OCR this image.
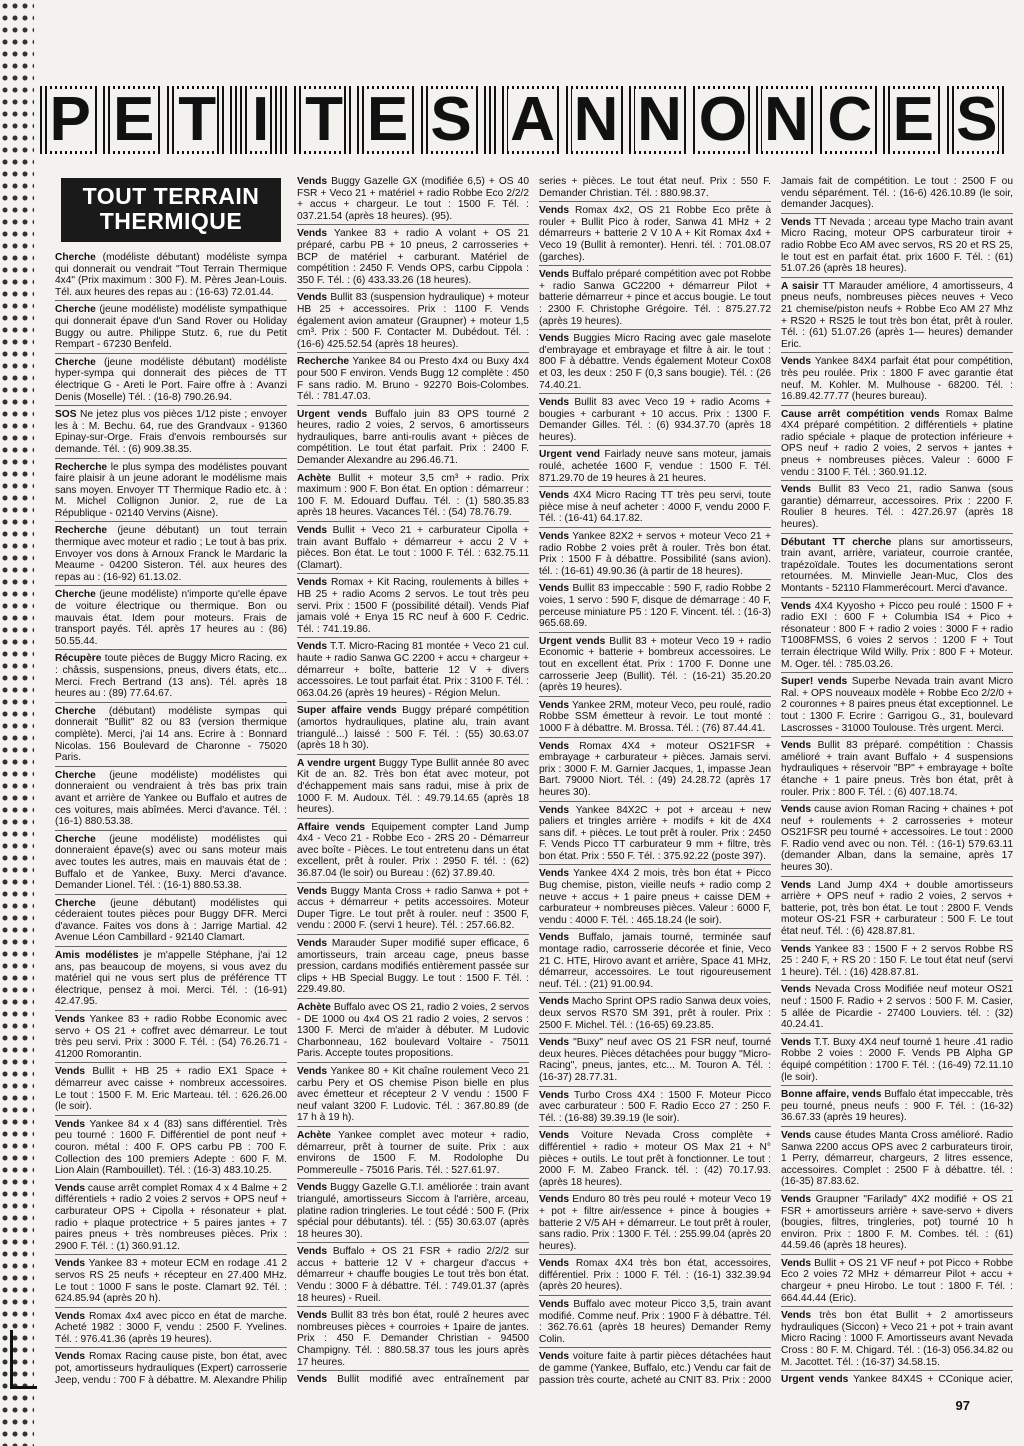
P E T I T E S A N N O N C E S
TOUT TERRAIN THERMIQUE
Cherche (modéliste débutant) modéliste sympa qui donnerait ou vendrait "Tout Terrain Thermique 4x4" (Prix maximum : 300 F). M. Pères Jean-Louis. Tél. aux heures des repas au : (16-63) 72.01.44.
Cherche (jeune modéliste) modéliste sympathique qui donnerait épave d'un Sand Rover ou Holiday Buggy ou autre. Philippe Stutz. 6, rue du Petit Rempart - 67230 Benfeld.
Cherche (jeune modéliste débutant) modéliste hyper-sympa qui donnerait des pièces de TT électrique G - Areti le Port. Faire offre à : Avanzi Denis (Moselle) Tél. : (16-8) 790.26.94.
SOS Ne jetez plus vos pièces 1/12 piste ; envoyer les à : M. Bechu. 64, rue des Grandvaux - 91360 Epinay-sur-Orge. Frais d'envois remboursés sur demande. Tél. : (6) 909.38.35.
Recherche le plus sympa des modélistes pouvant faire plaisir à un jeune adorant le modélisme mais sans moyen. Envoyer TT Thermique Radio etc. à : M. Michel Collignon Junior. 2, rue de La République - 02140 Vervins (Aisne).
Recherche (jeune débutant) un tout terrain thermique avec moteur et radio ; Le tout à bas prix. Envoyer vos dons à Arnoux Franck le Mardaric la Meaume - 04200 Sisteron. Tél. aux heures des repas au : (16-92) 61.13.02.
Cherche (jeune modéliste) n'importe qu'elle épave de voiture électrique ou thermique. Bon ou mauvais état. Idem pour moteurs. Frais de transport payés. Tél. après 17 heures au : (86) 50.55.44.
Récupère toute pièces de Buggy Micro Racing. ex : châssis, suspensions, pneus, divers états, etc... Merci. Frech Bertrand (13 ans). Tél. après 18 heures au : (89) 77.64.67.
Cherche (débutant) modéliste sympas qui donnerait "Bullit" 82 ou 83 (version thermique complète). Merci, j'ai 14 ans. Ecrire à : Bonnard Nicolas. 156 Boulevard de Charonne - 75020 Paris.
Cherche (jeune modéliste) modélistes qui donneraient ou vendraient à très bas prix train avant et arrière de Yankee ou Buffalo et autres de ces voitures, mais abîmées. Merci d'avance. Tél. : (16-1) 880.53.38.
Cherche (jeune modéliste) modélistes qui donneraient épave(s) avec ou sans moteur mais avec toutes les autres, mais en mauvais état de : Buffalo et de Yankee, Buxy. Merci d'avance. Demander Lionel. Tél. : (16-1) 880.53.38.
Cherche (jeune débutant) modélistes qui céderaient toutes pièces pour Buggy DFR. Merci d'avance. Faites vos dons à : Jarrige Martial. 42 Avenue Léon Cambillard - 92140 Clamart.
Amis modélistes je m'appelle Stéphane, j'ai 12 ans, pas beaucoup de moyens, si vous avez du matériel qui ne vous sert plus de préférence TT électrique, pensez à moi. Merci. Tél. : (16-91) 42.47.95.
Vends Yankee 83 + radio Robbe Economic avec servo + OS 21 + coffret avec démarreur. Le tout très peu servi. Prix : 3000 F. Tél. : (54) 76.26.71 - 41200 Romorantin.
Vends Bullit + HB 25 + radio EX1 Space + démarreur avec caisse + nombreux accessoires. Le tout : 1500 F. M. Eric Marteau. tél. : 626.26.00 (le soir).
Vends Yankee 84 x 4 (83) sans différentiel. Très peu tourné : 1600 F. Différentiel de pont neuf + couron. métal : 400 F. OPS carbu PB : 700 F. Collection des 100 premiers Adepte : 600 F. M. Lion Alain (Rambouillet). Tél. : (16-3) 483.10.25.
Vends cause arrêt complet Romax 4 x 4 Balme + 2 différentiels + radio 2 voies 2 servos + OPS neuf + carburateur OPS + Cipolla + résonateur + plat. radio + plaque protectrice + 5 paires jantes + 7 paires pneus + très nombreuses pièces. Prix : 2900 F. Tél. : (1) 360.91.12.
Vends Yankee 83 + moteur ECM en rodage .41 2 servos RS 25 neufs + récepteur en 27.400 MHz. Le tout : 1000 F sans le poste. Clamart 92. Tél. : 624.85.94 (après 20 h).
Vends Romax 4x4 avec picco en état de marche. Acheté 1982 : 3000 F, vendu : 2500 F. Yvelines. Tél. : 976.41.36 (après 19 heures).
Vends Romax Racing cause piste, bon état, avec pot, amortisseurs hydrauliques (Expert) carrosserie Jeep, vendu : 700 F à débattre. M. Alexandre Philip
Vends Buggy Gazelle GX (modifiée 6,5) + OS 40 FSR + Veco 21 + matériel + radio Robbe Eco 2/2/2 + accus + chargeur. Le tout : 1500 F. Tél. : 037.21.54 (après 18 heures). (95).
Vends Yankee 83 + radio A volant + OS 21 préparé, carbu PB + 10 pneus, 2 carrosseries + BCP de matériel + carburant. Matériel de compétition : 2450 F. Vends OPS, carbu Cippola : 350 F. Tél. : (6) 433.33.26 (18 heures).
Vends Bullit 83 (suspension hydraulique) + moteur HB 25 + accessoires. Prix : 1100 F. Vends également avion amateur (Graupner) + moteur 1,5 cm³. Prix : 500 F. Contacter M. Dubédout. Tél. : (16-6) 425.52.54 (après 18 heures).
Recherche Yankee 84 ou Presto 4x4 ou Buxy 4x4 pour 500 F environ. Vends Bugg 12 complète : 450 F sans radio. M. Bruno - 92270 Bois-Colombes. Tél. : 781.47.03.
Urgent vends Buffalo juin 83 OPS tourné 2 heures, radio 2 voies, 2 servos, 6 amortisseurs hydrauliques, barre anti-roulis avant + pièces de compétition. Le tout état parfait. Prix : 2400 F. Demander Alexandre au 296.46.71.
Achète Bullit + moteur 3,5 cm³ + radio. Prix maximum : 900 F. Bon état. En option : démarreur : 100 F. M. Edouard Duffau. Tél. : (1) 580.35.83 après 18 heures. Vacances Tél. : (54) 78.76.79.
Vends Bullit + Veco 21 + carburateur Cipolla + train avant Buffalo + démarreur + accu 2 V + pièces. Bon état. Le tout : 1000 F. Tél. : 632.75.11 (Clamart).
Vends Romax + Kit Racing, roulements à billes + HB 25 + radio Acoms 2 servos. Le tout très peu servi. Prix : 1500 F (possibilité détail). Vends Piaf jamais volé + Enya 15 RC neuf à 600 F. Cedric. Tél. : 741.19.86.
Vends T.T. Micro-Racing 81 montée + Veco 21 cul. haute + radio Sanwa GC 2200 + accu + chargeur + démarreur + boîte, batterie 12 V + divers accessoires. Le tout parfait état. Prix : 3100 F. Tél. : 063.04.26 (après 19 heures) - Région Melun.
Super affaire vends Buggy préparé compétition (amortos hydrauliques, platine alu, train avant triangulé...) laissé : 500 F. Tél. : (55) 30.63.07 (après 18 h 30).
A vendre urgent Buggy Type Bullit année 80 avec Kit de an. 82. Très bon état avec moteur, pot d'échappement mais sans radui, mise à prix de 1000 F. M. Audoux. Tél. : 49.79.14.65 (après 18 heures).
Affaire vends Equipement compter Land Jump 4x4 - Veco 21 - Robbe Eco - 2RS 20 - Démarreur avec boîte - Pièces. Le tout entretenu dans un état excellent, prêt à rouler. Prix : 2950 F. tél. : (62) 36.87.04 (le soir) ou Bureau : (62) 37.89.40.
Vends Buggy Manta Cross + radio Sanwa + pot + accus + démarreur + petits accessoires. Moteur Duper Tigre. Le tout prêt à rouler. neuf : 3500 F, vendu : 2000 F. (servi 1 heure). Tél. : 257.66.82.
Vends Marauder Super modifié super efficace, 6 amortisseurs, train arceau cage, pneus basse pression, cardans modifiés entièrement passée sur clips + HB Special Buggy. Le tout : 1500 F. Tél. : 229.49.80.
Achète Buffalo avec OS 21, radio 2 voies, 2 servos - DE 1000 ou 4x4 OS 21 radio 2 voies, 2 servos : 1300 F. Merci de m'aider à débuter. M Ludovic Charbonneau, 162 boulevard Voltaire - 75011 Paris. Accepte toutes propositions.
Vends Yankee 80 + Kit chaîne roulement Veco 21 carbu Pery et OS chemise Pison bielle en plus avec émetteur et récepteur 2 V vendu : 1500 F neuf valant 3200 F. Ludovic. Tél. : 367.80.89 (de 17 h à 19 h).
Achète Yankee complet avec moteur + radio, démarreur, prêt à tourner de suite. Prix : aux environs de 1500 F. M. Rodolophe Du Pommereulle - 75016 Paris. Tél. : 527.61.97.
Vends Buggy Gazelle G.T.I. améliorée : train avant triangulé, amortisseurs Siccom à l'arrière, arceau, platine radion tringleries. Le tout cédé : 500 F. (Prix spécial pour débutants). tél. : (55) 30.63.07 (après 18 heures 30).
Vends Buffalo + OS 21 FSR + radio 2/2/2 sur accus + batterie 12 V + chargeur d'accus + démarreur + chauffe bougies Le tout très bon état. Vendu : 3000 F à débattre. Tél. : 749.01.37 (après 18 heures) - Rueil.
Vends Bullit 83 très bon état, roulé 2 heures avec nombreuses pièces + courroies + 1paire de jantes. Prix : 450 F. Demander Christian - 94500 Champigny. Tél. : 880.58.37 tous les jours après 17 heures.
Vends Bullit modifié avec entraînement par
series + pièces. Le tout état neuf. Prix : 550 F. Demander Christian. Tél. : 880.98.37.
Vends Romax 4x2, OS 21 Robbe Eco prête à rouler + Bullit Pico à roder, Sanwa 41 MHz + 2 démarreurs + batterie 2 V 10 A + Kit Romax 4x4 + Veco 19 (Bullit à remonter). Henri. tél. : 701.08.07 (garches).
Vends Buffalo préparé compétition avec pot Robbe + radio Sanwa GC2200 + démarreur Pilot + batterie démarreur + pince et accus bougie. Le tout : 2300 F. Christophe Grégoire. Tél. : 875.27.72 (après 19 heures).
Vends Buggies Micro Racing avec gale maselote d'embrayage et embrayage et filtre à air. le tout : 800 F à débattre. Vends également Moteur Cox08 et 03, les deux : 250 F (0,3 sans bougie). Tél. : (26 74.40.21.
Vends Bullit 83 avec Veco 19 + radio Acoms + bougies + carburant + 10 accus. Prix : 1300 F. Demander Gilles. Tél. : (6) 934.37.70 (après 18 heures).
Urgent vend Fairlady neuve sans moteur, jamais roulé, achetée 1600 F, vendue : 1500 F. Tél. 871.29.70 de 19 heures à 21 heures.
Vends 4X4 Micro Racing TT très peu servi, toute pièce mise à neuf acheter : 4000 F, vendu 2000 F. Tél. : (16-41) 64.17.82.
Vends Yankee 82X2 + servos + moteur Veco 21 + radio Robbe 2 voies prêt à rouler. Très bon état. Prix : 1500 F à débattre. Possibilité (sans avion). tél. : (16-61) 49.90.36 (à partir de 18 heures).
Vends Bullit 83 impeccable : 590 F, radio Robbe 2 voies, 1 servo : 590 F, disque de démarrage : 40 F, perceuse miniature P5 : 120 F. Vincent. tél. : (16-3) 965.68.69.
Urgent vends Bullit 83 + moteur Veco 19 + radio Economic + batterie + bombreux accessoires. Le tout en excellent état. Prix : 1700 F. Donne une carrosserie Jeep (Bullit). Tél. : (16-21) 35.20.20 (après 19 heures).
Vends Yankee 2RM, moteur Veco, peu roulé, radio Robbe SSM émetteur à revoir. Le tout monté : 1000 F à débattre. M. Brossa. Tél. : (76) 87.44.41.
Vends Romax 4X4 + moteur OS21FSR + embrayage + carburateur + pièces. Jamais servi. prix : 3000 F. M. Garnier Jacques, 1, impasse Jean Bart. 79000 Niort. Tél. : (49) 24.28.72 (après 17 heures 30).
Vends Yankee 84X2C + pot + arceau + new paliers et tringles arrière + modifs + kit de 4X4 sans dif. + pièces. Le tout prêt à rouler. Prix : 2450 F. Vends Picco TT carburateur 9 mm + filtre, très bon état. Prix : 550 F. Tél. : 375.92.22 (poste 397).
Vends Yankee 4X4 2 mois, très bon état + Picco Bug chemise, piston, vieille neufs + radio comp 2 neuve + accus + 1 paire pneus + caisse DEM + carburateur + nombreuses pièces. Valeur : 6000 F, vendu : 4000 F. Tél. : 465.18.24 (le soir).
Vends Buffalo, jamais tourné, terminée sauf montage radio, carrosserie décorée et finie, Veco 21 C. HTE, Hirovo avant et arrière, Space 41 MHz, démarreur, accessoires. Le tout rigoureusement neuf. Tél. : (21) 91.00.94.
Vends Macho Sprint OPS radio Sanwa deux voies, deux servos RS70 SM 391, prêt à rouler. Prix : 2500 F. Michel. Tél. : (16-65) 69.23.85.
Vends "Buxy" neuf avec OS 21 FSR neuf, tourné deux heures. Pièces détachées pour buggy "Micro-Racing", pneus, jantes, etc... M. Touron A. Tél. : (16-37) 28.77.31.
Vends Turbo Cross 4X4 : 1500 F. Moteur Picco avec carburateur : 500 F. Radio Ecco 27 : 250 F. Tél. : (16-88) 39.39.19 (le soir).
Vends Voiture Nevada Cross complète + différentiel + radio + moteur OS Max 21 + N° pièces + outils. Le tout prêt à fonctionner. Le tout : 2000 F. M. Zabeo Franck. tél. : (42) 70.17.93. (après 18 heures).
Vends Enduro 80 très peu roulé + moteur Veco 19 + pot + filtre air/essence + pince à bougies + batterie 2 V/5 AH + démarreur. Le tout prêt à rouler, sans radio. Prix : 1300 F. Tél. : 255.99.04 (après 20 heures).
Vends Romax 4X4 très bon état, accessoires, différentiel. Prix : 1000 F. Tél. : (16-1) 332.39.94 (après 20 heures).
Vends Buffalo avec moteur Picco 3,5, train avant modifié. Comme neuf. Prix : 1900 F à débattre. Tél. : 362.76.61 (après 18 heures) Demander Remy Colin.
Vends voiture faite à partir pièces détachées haut de gamme (Yankee, Buffalo, etc.) Vendu car fait de passion très courte, acheté au CNIT 83. Prix : 2000
Jamais fait de compétition. Le tout : 2500 F ou vendu séparément. Tél. : (16-6) 426.10.89 (le soir, demander Jacques).
Vends TT Nevada ; arceau type Macho train avant Micro Racing, moteur OPS carburateur tiroir + radio Robbe Eco AM avec servos, RS 20 et RS 25, le tout est en parfait état. prix 1600 F. Tél. : (61) 51.07.26 (après 18 heures).
A saisir TT Marauder améliore, 4 amortisseurs, 4 pneus neufs, nombreuses pièces neuves + Veco 21 chemise/piston neufs + Robbe Eco AM 27 Mhz + RS20 + RS25 le tout très bon état, prêt à rouler. Tél. : (61) 51.07.26 (après 1— heures) demander Eric.
Vends Yankee 84X4 parfait état pour compétition, très peu roulée. Prix : 1800 F avec garantie état neuf. M. Kohler. M. Mulhouse - 68200. Tél. : 16.89.42.77.77 (heures bureau).
Cause arrêt compétition vends Romax Balme 4X4 préparé compétition. 2 différentiels + platine radio spéciale + plaque de protection inférieure + OPS neuf + radio 2 voies, 2 servos + jantes + pneus + nombreuses pièces. Valeur : 6000 F vendu : 3100 F. Tél. : 360.91.12.
Vends Bullit 83 Veco 21, radio Sanwa (sous garantie) démarreur, accessoires. Prix : 2200 F. Roulier 8 heures. Tél. : 427.26.97 (après 18 heures).
Débutant TT cherche plans sur amortisseurs, train avant, arrière, variateur, courroie crantée, trapézoïdale. Toutes les documentations seront retournées. M. Minvielle Jean-Muc, Clos des Montants - 52110 Flammerécourt. Merci d'avance.
Vends 4X4 Kyyosho + Picco peu roulé : 1500 F + radio EXI : 600 F + Columbia IS4 + Pico + résonateur : 800 F + radio 2 voies : 3000 F + radio T1008FMSS, 6 voies 2 servos : 1200 F + Tout terrain électrique Wild Willy. Prix : 800 F + Moteur. M. Oger. tél. : 785.03.26.
Super! vends Superbe Nevada train avant Micro Ral. + OPS nouveaux modèle + Robbe Eco 2/2/0 + 2 couronnes + 8 paires pneus état exceptionnel. Le tout : 1300 F. Ecrire : Garrigou G., 31, boulevard Lascrosses - 31000 Toulouse. Très urgent. Merci.
Vends Bullit 83 préparé. compétition : Chassis amélioré + train avant Buffalo + 4 suspensions hydrauliques + réservoir "BP" + embrayage + boîte étanche + 1 paire pneus. Très bon état, prêt à rouler. Prix : 800 F. Tél. : (6) 407.18.74.
Vends cause avion Roman Racing + chaines + pot neuf + roulements + 2 carrosseries + moteur OS21FSR peu tourné + accessoires. Le tout : 2000 F. Radio vend avec ou non. Tél. : (16-1) 579.63.11 (demander Alban, dans la semaine, après 17 heures 30).
Vends Land Jump 4X4 + double amortisseurs arrière + OPS neuf + radio 2 voies, 2 servos + batterie, pot, très bon état. Le tout : 2800 F. Vends moteur OS-21 FSR + carburateur : 500 F. Le tout état neuf. Tél. : (6) 428.87.81.
Vends Yankee 83 : 1500 F + 2 servos Robbe RS 25 : 240 F, + RS 20 : 150 F. Le tout état neuf (servi 1 heure). Tél. : (16) 428.87.81.
Vends Nevada Cross Modifiée neuf moteur OS21 neuf : 1500 F. Radio + 2 servos : 500 F. M. Casier, 5 allée de Picardie - 27400 Louviers. tél. : (32) 40.24.41.
Vends T.T. Buxy 4X4 neuf tourné 1 heure .41 radio Robbe 2 voies : 2000 F. Vends PB Alpha GP équipé compétition : 1700 F. Tél. : (16-49) 72.11.10 (le soir).
Bonne affaire, vends Buffalo état impeccable, très peu tourné, pneus neufs : 900 F. Tél. : (16-32) 36.67.33 (après 19 heures).
Vends cause études Manta Cross amélioré. Radio Sanwa 2200 accus OPS avec 2 carburateurs tiroir, 1 Perry, démarreur, chargeurs, 2 litres essence, accessoires. Complet : 2500 F à débattre. tél. : (16-35) 87.83.62.
Vends Graupner "Farilady" 4X2 modifié + OS 21 FSR + amortisseurs arrière + save-servo + divers (bougies, filtres, tringleries, pot) tourné 10 h environ. Prix : 1800 F. M. Combes. tél. : (61) 44.59.46 (après 18 heures).
Vends Bullit + OS 21 VF neuf + pot Picco + Robbe Eco 2 voies 72 MHz + démarreur Pilot + accu + chargeur + pneu Hirobo. Le tout : 1800 F. Tél. : 664.44.44 (Eric).
Vends très bon état Bullit + 2 amortisseurs hydrauliques (Siccon) + Veco 21 + pot + train avant Micro Racing : 1000 F. Amortisseurs avant Nevada Cross : 80 F. M. Chigard. Tél. : (16-3) 056.34.82 ou M. Jacottet. Tél. : (16-37) 34.58.15.
Urgent vends Yankee 84X4S + CConique acier,
97
